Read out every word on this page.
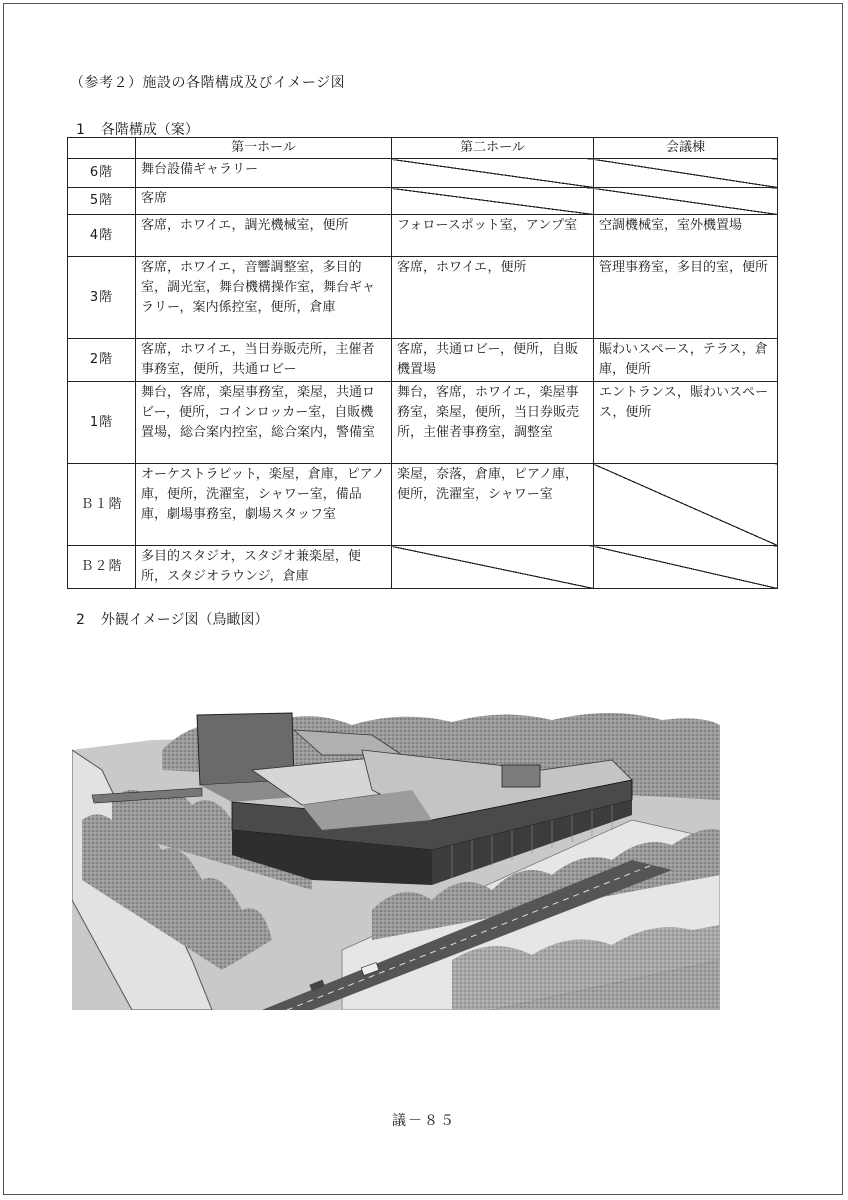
（参考２）施設の各階構成及びイメージ図
1 各階構成（案）
	第一ホール	第二ホール	会議棟
6階	舞台設備ギャラリー		
5階	客席		
4階	客席，ホワイエ，調光機械室，便所	フォロースポット室，アンプ室	空調機械室，室外機置場
3階	客席，ホワイエ，音響調整室，多目的室，調光室，舞台機構操作室，舞台ギャラリー，案内係控室，便所，倉庫	客席，ホワイエ，便所	管理事務室，多目的室，便所
2階	客席，ホワイエ，当日券販売所，主催者事務室，便所，共通ロビー	客席，共通ロビー，便所，自販機置場	賑わいスペース，テラス，倉庫，便所
1階	舞台，客席，楽屋事務室，楽屋，共通ロビー，便所，コインロッカー室，自販機置場，総合案内控室，総合案内，警備室	舞台，客席，ホワイエ，楽屋事務室，楽屋，便所，当日券販売所，主催者事務室，調整室	エントランス，賑わいスペース，便所
Ｂ１階	オーケストラピット，楽屋，倉庫，ピアノ庫，便所，洗濯室，シャワー室，備品庫，劇場事務室，劇場スタッフ室	楽屋，奈落，倉庫，ピアノ庫，便所，洗濯室，シャワー室	
Ｂ２階	多目的スタジオ，スタジオ兼楽屋，便所，スタジオラウンジ，倉庫		
2 外観イメージ図（鳥瞰図）
議－８５
